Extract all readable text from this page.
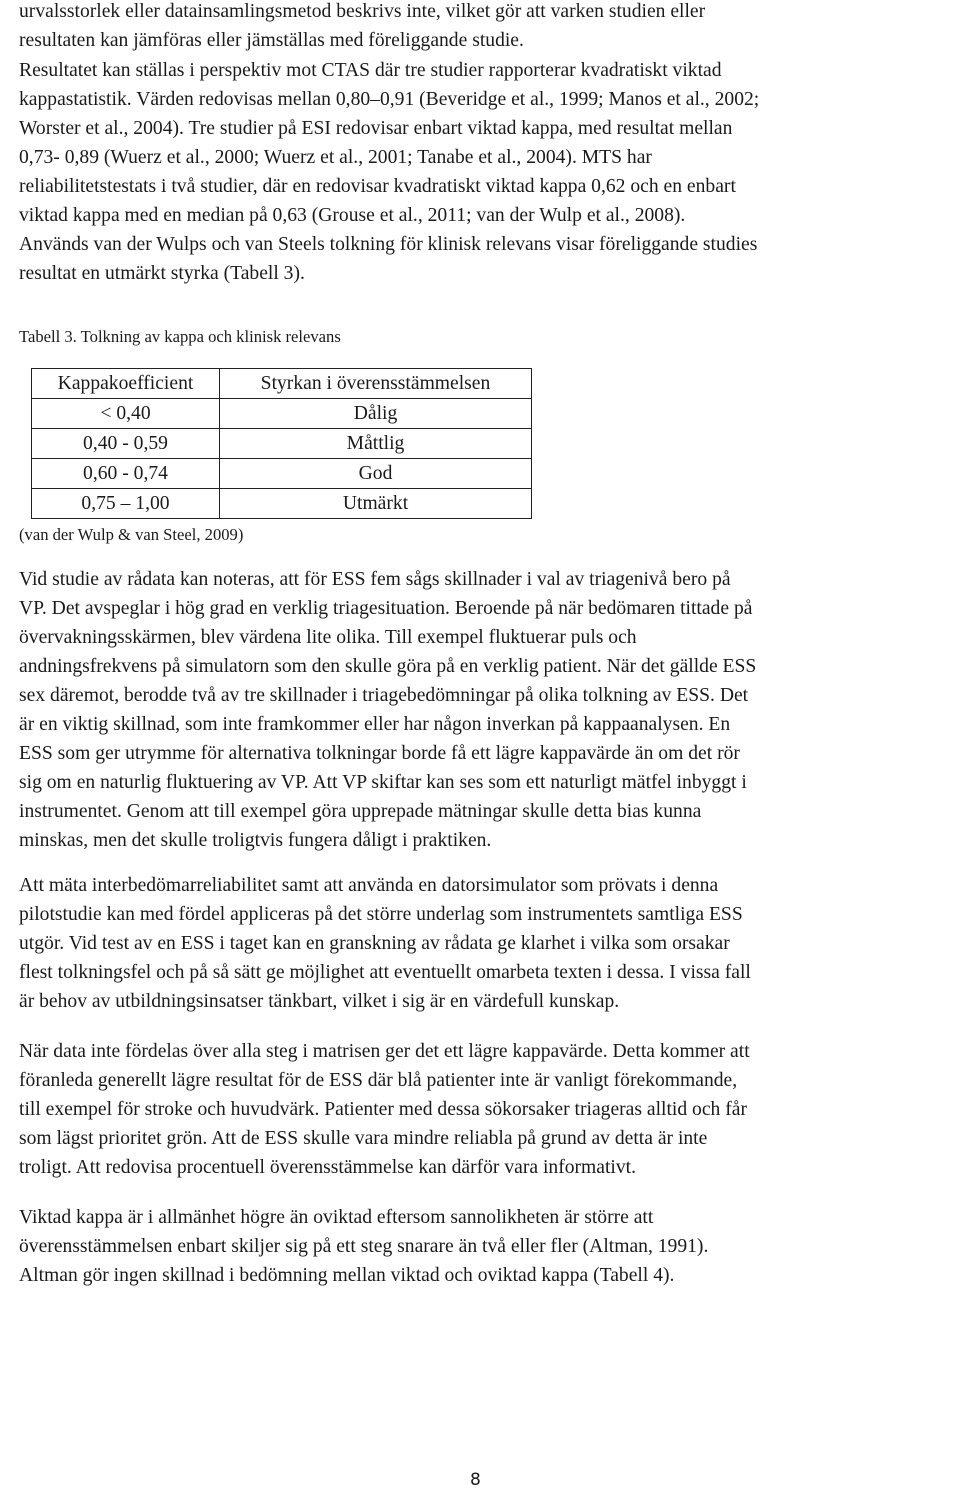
urvalsstorlek eller datainsamlingsmetod beskrivs inte, vilket gör att varken studien eller
resultaten kan jämföras eller jämställas med föreliggande studie.

Resultatet kan ställas i perspektiv mot CTAS där tre studier rapporterar kvadratiskt viktad
kappastatistik. Värden redovisas mellan 0,80–0,91 (Beveridge et al., 1999; Manos et al., 2002;
Worster et al., 2004). Tre studier på ESI redovisar enbart viktad kappa, med resultat mellan
0,73- 0,89 (Wuerz et al., 2000; Wuerz et al., 2001; Tanabe et al., 2004). MTS har
reliabilitetstestats i två studier, där en redovisar kvadratiskt viktad kappa 0,62 och en enbart
viktad kappa med en median på 0,63 (Grouse et al., 2011; van der Wulp et al., 2008).
Används van der Wulps och van Steels tolkning för klinisk relevans visar föreliggande studies
resultat en utmärkt styrka (Tabell 3).

Tabell 3. Tolkning av kappa och klinisk relevans

Kappakoefficient	Styrkan i överensstämmelsen
< 0,40	Dålig
0,40 - 0,59	Måttlig
0,60 - 0,74	God
0,75 – 1,00	Utmärkt

(van der Wulp & van Steel, 2009)

Vid studie av rådata kan noteras, att för ESS fem sågs skillnader i val av triagenivå bero på
VP. Det avspeglar i hög grad en verklig triagesituation. Beroende på när bedömaren tittade på
övervakningsskärmen, blev värdena lite olika. Till exempel fluktuerar puls och
andningsfrekvens på simulatorn som den skulle göra på en verklig patient. När det gällde ESS
sex däremot, berodde två av tre skillnader i triagebedömningar på olika tolkning av ESS. Det
är en viktig skillnad, som inte framkommer eller har någon inverkan på kappaanalysen. En
ESS som ger utrymme för alternativa tolkningar borde få ett lägre kappavärde än om det rör
sig om en naturlig fluktuering av VP. Att VP skiftar kan ses som ett naturligt mätfel inbyggt i
instrumentet. Genom att till exempel göra upprepade mätningar skulle detta bias kunna
minskas, men det skulle troligtvis fungera dåligt i praktiken.

Att mäta interbedömarreliabilitet samt att använda en datorsimulator som prövats i denna
pilotstudie kan med fördel appliceras på det större underlag som instrumentets samtliga ESS
utgör. Vid test av en ESS i taget kan en granskning av rådata ge klarhet i vilka som orsakar
flest tolkningsfel och på så sätt ge möjlighet att eventuellt omarbeta texten i dessa. I vissa fall
är behov av utbildningsinsatser tänkbart, vilket i sig är en värdefull kunskap.

När data inte fördelas över alla steg i matrisen ger det ett lägre kappavärde. Detta kommer att
föranleda generellt lägre resultat för de ESS där blå patienter inte är vanligt förekommande,
till exempel för stroke och huvudvärk. Patienter med dessa sökorsaker triageras alltid och får
som lägst prioritet grön. Att de ESS skulle vara mindre reliabla på grund av detta är inte
troligt. Att redovisa procentuell överensstämmelse kan därför vara informativt.

Viktad kappa är i allmänhet högre än oviktad eftersom sannolikheten är större att
överensstämmelsen enbart skiljer sig på ett steg snarare än två eller fler (Altman, 1991).
Altman gör ingen skillnad i bedömning mellan viktad och oviktad kappa (Tabell 4).

8
